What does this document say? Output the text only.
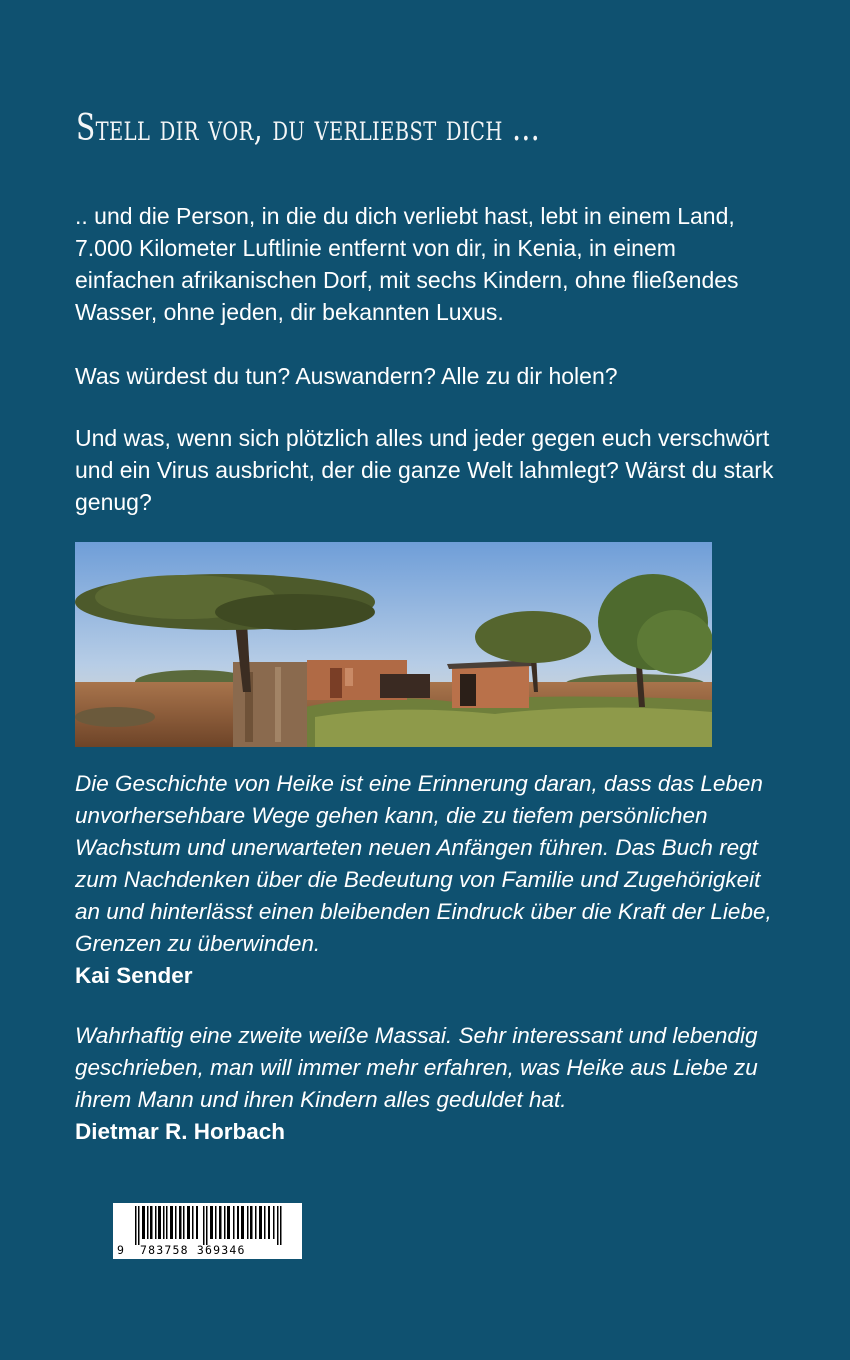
Stell dir vor, du verliebst dich ...

.. und die Person, in die du dich verliebt hast, lebt in einem Land, 7.000 Kilometer Luftlinie entfernt von dir, in Kenia, in einem einfachen afrikanischen Dorf, mit sechs Kindern, ohne fließendes Wasser, ohne jeden, dir bekannten Luxus.

Was würdest du tun? Auswandern? Alle zu dir holen?

Und was, wenn sich plötzlich alles und jeder gegen euch verschwört und ein Virus ausbricht, der die ganze Welt lahmlegt? Wärst du stark genug?

Die Geschichte von Heike ist eine Erinnerung daran, dass das Leben unvorhersehbare Wege gehen kann, die zu tiefem persönlichen Wachstum und unerwarteten neuen Anfängen führen. Das Buch regt zum Nachdenken über die Bedeutung von Familie und Zugehörigkeit an und hinterlässt einen bleibenden Eindruck über die Kraft der Liebe, Grenzen zu überwinden.
Kai Sender

Wahrhaftig eine zweite weiße Massai. Sehr interessant und lebendig geschrieben, man will immer mehr erfahren, was Heike aus Liebe zu ihrem Mann und ihren Kindern alles geduldet hat.
Dietmar R. Horbach

9 783758 369346
